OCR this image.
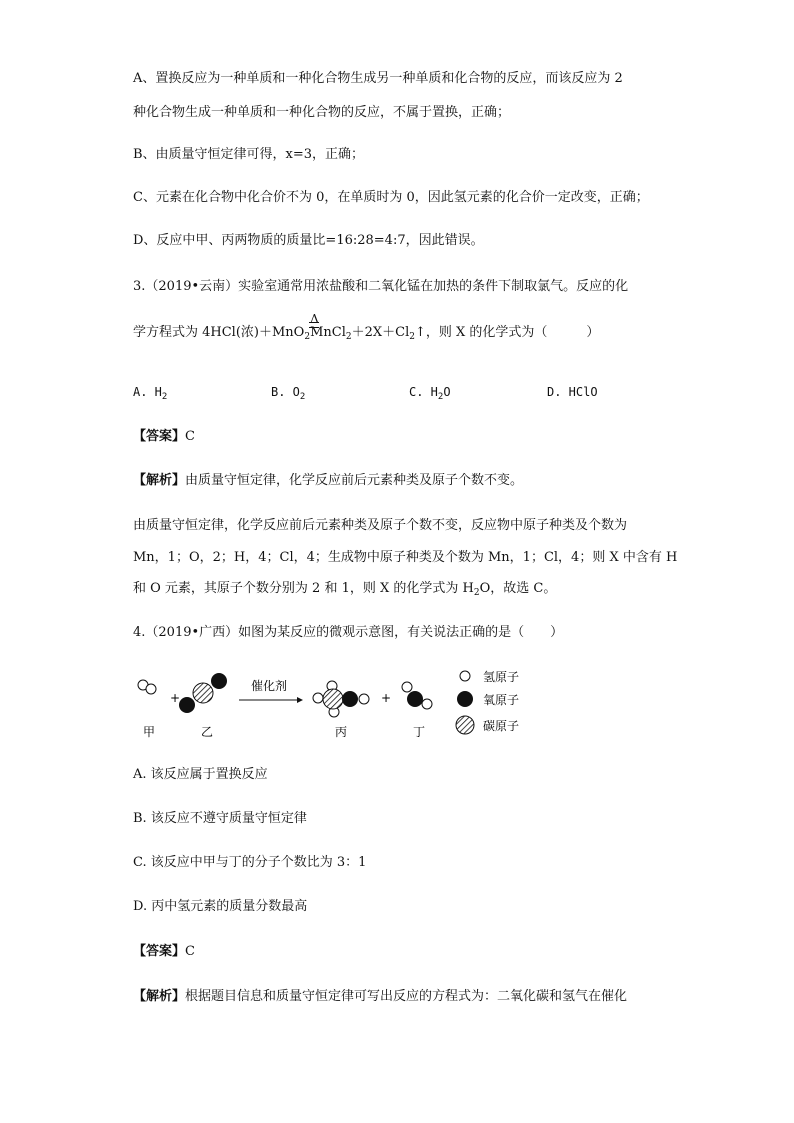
A、置换反应为一种单质和一种化合物生成另一种单质和化合物的反应，而该反应为 2
种化合物生成一种单质和一种化合物的反应，不属于置换，正确；
B、由质量守恒定律可得，x=3，正确；
C、元素在化合物中化合价不为 0，在单质时为 0，因此氢元素的化合价一定改变，正确；
D、反应中甲、丙两物质的质量比=16:28=4:7，因此错误。
3.（2019•云南）实验室通常用浓盐酸和二氧化锰在加热的条件下制取氯气。反应的化
学方程式为 4HCl(浓)＋MnO$_2$
Δ
$MnCl_2+2X+Cl_2↑$，则 X 的化学式为（　　　）
A. $H_2$	B. $O_2$	C. $H_2O$	D. HClO
【答案】C
【解析】由质量守恒定律，化学反应前后元素种类及原子个数不变。
由质量守恒定律，化学反应前后元素种类及原子个数不变，反应物中原子种类及个数为
Mn，1；O，2；H，4；Cl，4；生成物中原子种类及个数为 Mn，1；Cl，4；则 X 中含有 H
和 O 元素，其原子个数分别为 2 和 1，则 X 的化学式为 $H_2O$，故选 C。
4.（2019•广西）如图为某反应的微观示意图，有关说法正确的是（　　）
+
催化剂
+
甲	乙	丙	丁
氢原子
氧原子
碳原子
A. 该反应属于置换反应
B. 该反应不遵守质量守恒定律
C. 该反应中甲与丁的分子个数比为 3：1
D. 丙中氢元素的质量分数最高
【答案】C
【解析】根据题目信息和质量守恒定律可写出反应的方程式为：二氧化碳和氢气在催化
